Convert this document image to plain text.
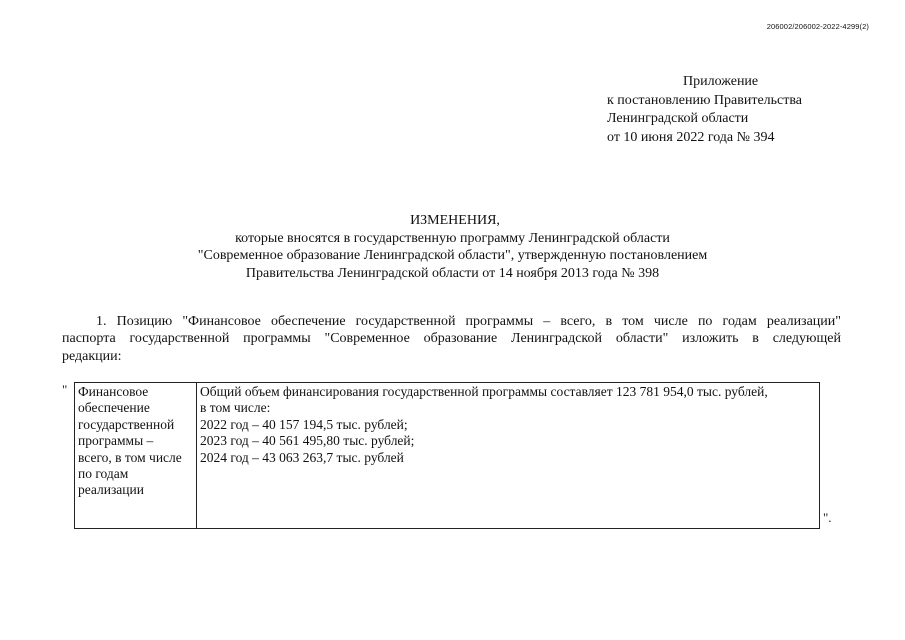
206002/206002-2022-4299(2)
Приложение
к постановлению Правительства
Ленинградской области
от 10 июня 2022 года № 394
ИЗМЕНЕНИЯ,
которые вносятся в государственную программу Ленинградской области
"Современное образование Ленинградской области", утвержденную постановлением
Правительства Ленинградской области от 14 ноября 2013 года № 398
1. Позицию "Финансовое обеспечение государственной программы – всего, в том числе по годам реализации"
паспорта государственной программы "Современное образование Ленинградской области" изложить в следующей
редакции:
" Финансовое
обеспечение
государственной
программы –
всего, в том числе
по годам
реализации

Общий объем финансирования государственной программы составляет 123 781 954,0 тыс. рублей,
в том числе:
2022 год – 40 157 194,5 тыс. рублей;
2023 год – 40 561 495,80 тыс. рублей;
2024 год – 43 063 263,7 тыс. рублей
".
